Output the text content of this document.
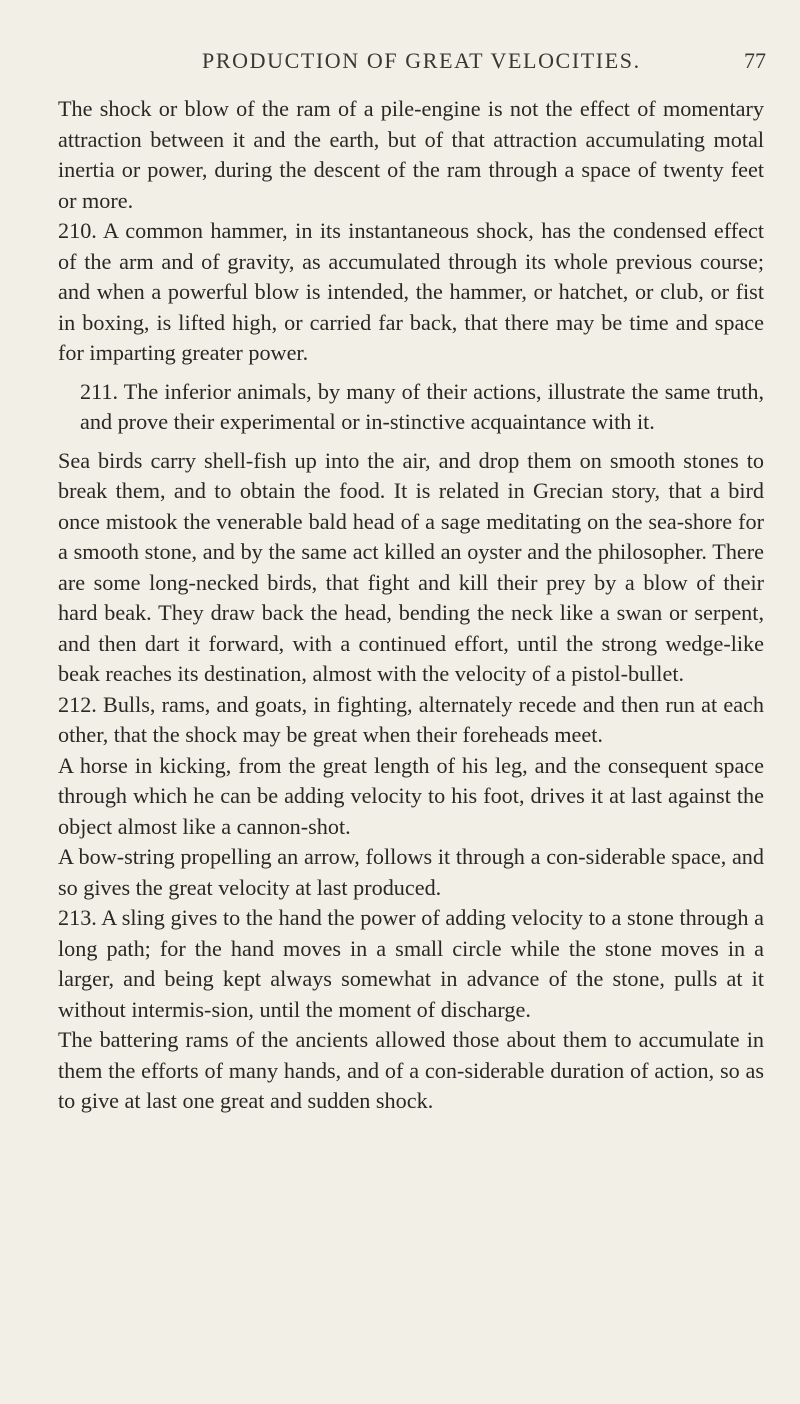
PRODUCTION OF GREAT VELOCITIES.	77

The shock or blow of the ram of a pile-engine is not the effect of momentary attraction between it and the earth, but of that attraction accumulating motal inertia or power, during the descent of the ram through a space of twenty feet or more.

210. A common hammer, in its instantaneous shock, has the condensed effect of the arm and of gravity, as accumulated through its whole previous course; and when a powerful blow is intended, the hammer, or hatchet, or club, or fist in boxing, is lifted high, or carried far back, that there may be time and space for imparting greater power.

211. The inferior animals, by many of their actions, illustrate the same truth, and prove their experimental or in-stinctive acquaintance with it.

Sea birds carry shell-fish up into the air, and drop them on smooth stones to break them, and to obtain the food. It is related in Grecian story, that a bird once mistook the venerable bald head of a sage meditating on the sea-shore for a smooth stone, and by the same act killed an oyster and the philosopher. There are some long-necked birds, that fight and kill their prey by a blow of their hard beak. They draw back the head, bending the neck like a swan or serpent, and then dart it forward, with a continued effort, until the strong wedge-like beak reaches its destination, almost with the velocity of a pistol-bullet.

212. Bulls, rams, and goats, in fighting, alternately recede and then run at each other, that the shock may be great when their foreheads meet.

A horse in kicking, from the great length of his leg, and the consequent space through which he can be adding velocity to his foot, drives it at last against the object almost like a cannon-shot.

A bow-string propelling an arrow, follows it through a con-siderable space, and so gives the great velocity at last produced.

213. A sling gives to the hand the power of adding velocity to a stone through a long path; for the hand moves in a small circle while the stone moves in a larger, and being kept always somewhat in advance of the stone, pulls at it without intermis-sion, until the moment of discharge.

The battering rams of the ancients allowed those about them to accumulate in them the efforts of many hands, and of a con-siderable duration of action, so as to give at last one great and sudden shock.
